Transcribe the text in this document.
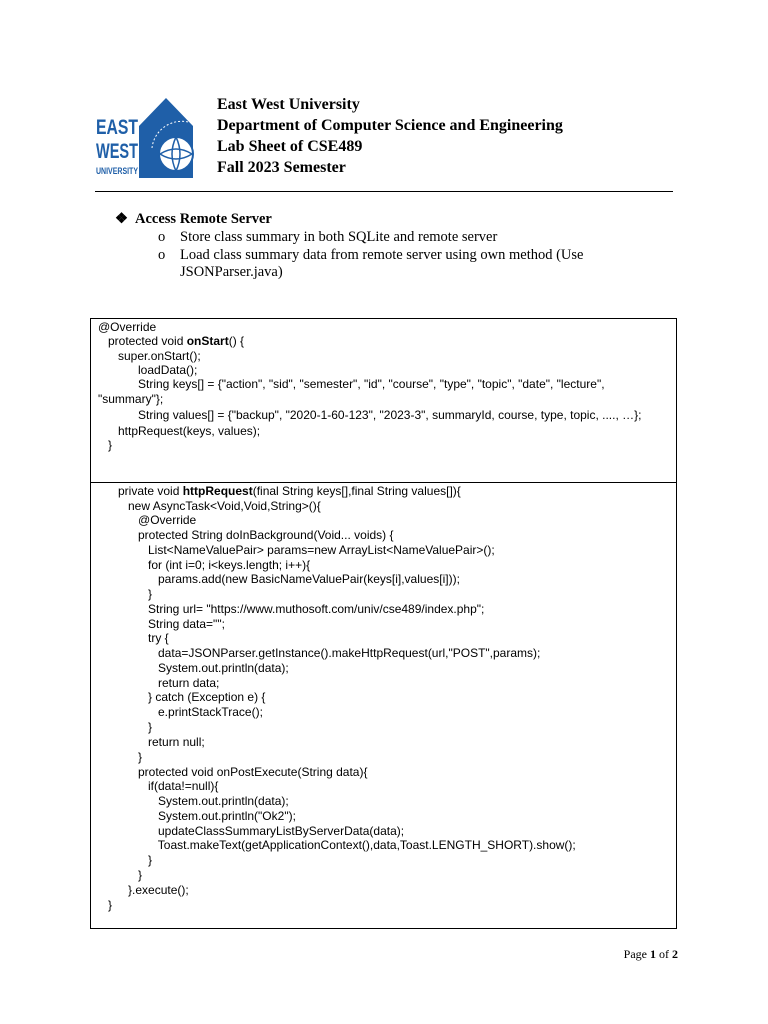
EAST
WEST
UNIVERSITY
East West University
Department of Computer Science and Engineering
Lab Sheet of CSE489
Fall 2023 Semester
❖ Access Remote Server
o	Store class summary in both SQLite and remote server
o	Load class summary data from remote server using own method (Use JSONParser.java)
@Override
protected void onStart() {
super.onStart();
loadData();
String keys[] = {"action", "sid", "semester", "id", "course", "type", "topic", "date", "lecture",
"summary"};
String values[] = {"backup", "2020-1-60-123", "2023-3", summaryId, course, type, topic, ...., …};
httpRequest(keys, values);
}
private void httpRequest(final String keys[],final String values[]){
new AsyncTask<Void,Void,String>(){
@Override
protected String doInBackground(Void... voids) {
List<NameValuePair> params=new ArrayList<NameValuePair>();
for (int i=0; i<keys.length; i++){
params.add(new BasicNameValuePair(keys[i],values[i]));
}
String url= "https://www.muthosoft.com/univ/cse489/index.php";
String data="";
try {
data=JSONParser.getInstance().makeHttpRequest(url,"POST",params);
System.out.println(data);
return data;
} catch (Exception e) {
e.printStackTrace();
}
return null;
}
protected void onPostExecute(String data){
if(data!=null){
System.out.println(data);
System.out.println("Ok2");
updateClassSummaryListByServerData(data);
Toast.makeText(getApplicationContext(),data,Toast.LENGTH_SHORT).show();
}
}
}.execute();
}
Page 1 of 2
